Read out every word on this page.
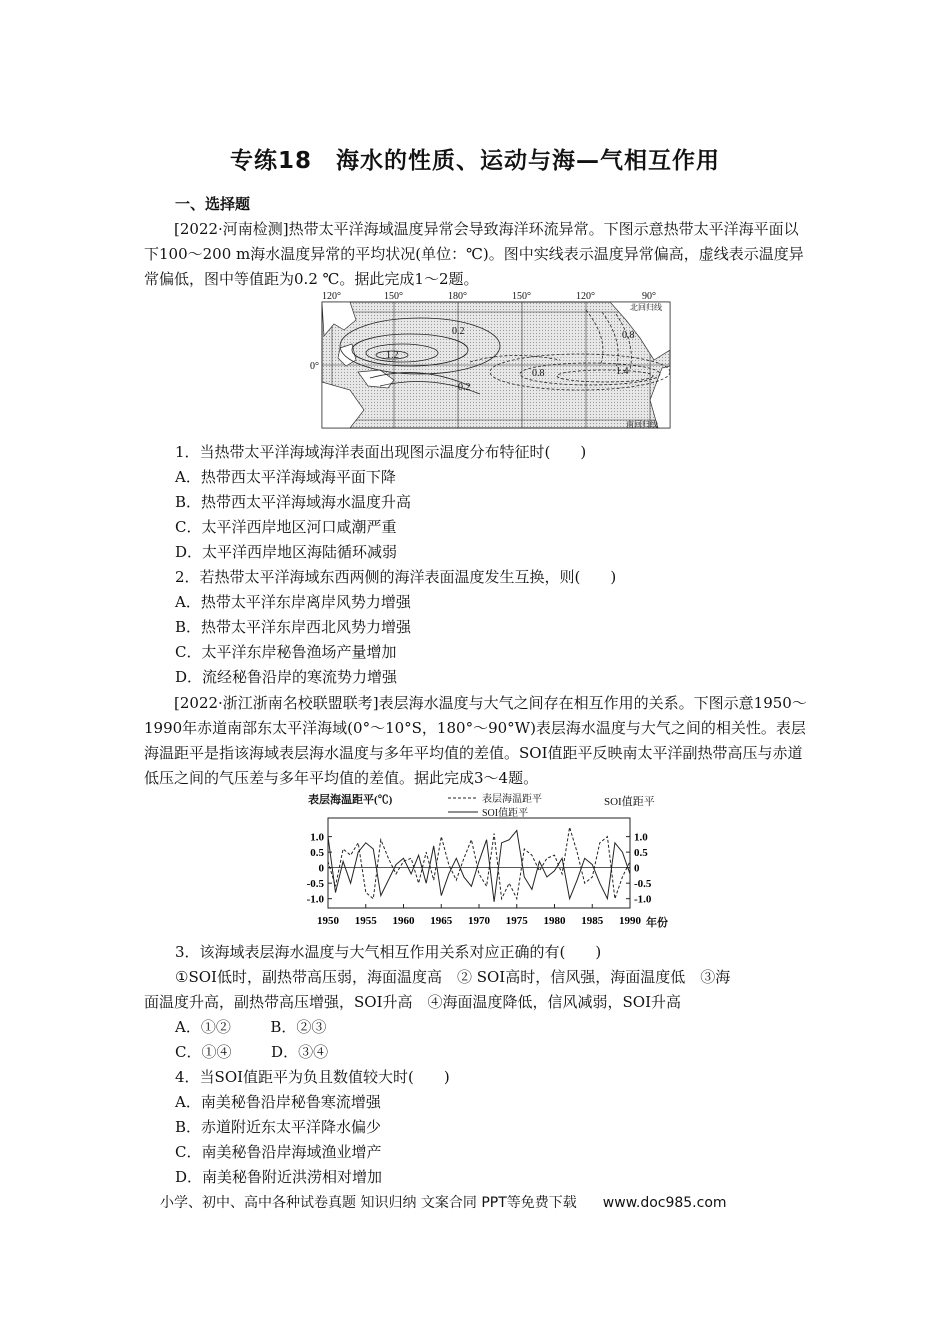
专练18　海水的性质、运动与海—气相互作用
一、选择题
[2022·河南检测]热带太平洋海域温度异常会导致海洋环流异常。下图示意热带太平洋海平面以下100～200 m海水温度异常的平均状况(单位：℃)。图中实线表示温度异常偏高，虚线表示温度异常偏低，图中等值距为0.2 ℃。据此完成1～2题。
120°	150°	180°	150°	120°	90°
0°
北回归线
南回归线
0.2
1.2
0.2
0.8
1.4
0.8
1．当热带太平洋海域海洋表面出现图示温度分布特征时(　　)
A．热带西太平洋海域海平面下降
B．热带西太平洋海域海水温度升高
C．太平洋西岸地区河口咸潮严重
D．太平洋西岸地区海陆循环减弱
2．若热带太平洋海域东西两侧的海洋表面温度发生互换，则(　　)
A．热带太平洋东岸离岸风势力增强
B．热带太平洋东岸西北风势力增强
C．太平洋东岸秘鲁渔场产量增加
D．流经秘鲁沿岸的寒流势力增强
[2022·浙江浙南名校联盟联考]表层海水温度与大气之间存在相互作用的关系。下图示意1950～1990年赤道南部东太平洋海域(0°～10°S，180°～90°W)表层海水温度与大气之间的相关性。表层海温距平是指该海域表层海水温度与多年平均值的差值。SOI值距平反映南太平洋副热带高压与赤道低压之间的气压差与多年平均值的差值。据此完成3～4题。
表层海温距平(℃)	SOI值距平
表层海温距平
SOI值距平
年份
1.0	1.0
0.5	0.5
0	0
-0.5	-0.5
-1.0	-1.0
1950 1955 1960 1965 1970 1975 1980 1985 1990
3．该海域表层海水温度与大气相互作用关系对应正确的有(　　)
①SOI低时，副热带高压弱，海面温度高　② SOI高时，信风强，海面温度低　③海
面温度升高，副热带高压增强，SOI升高　④海面温度降低，信风减弱，SOI升高
A．①②	B．②③
C．①④	D．③④
4．当SOI值距平为负且数值较大时(　　)
A．南美秘鲁沿岸秘鲁寒流增强
B．赤道附近东太平洋降水偏少
C．南美秘鲁沿岸海域渔业增产
D．南美秘鲁附近洪涝相对增加
小学、初中、高中各种试卷真题 知识归纳 文案合同 PPT等免费下载 www.doc985.com
